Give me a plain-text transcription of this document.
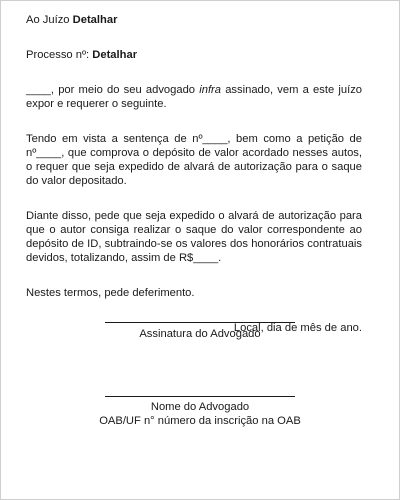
Ao Juízo Detalhar
Processo nº: Detalhar
____, por meio do seu advogado infra assinado, vem a este juízo expor e requerer o seguinte.
Tendo em vista a sentença de nº____, bem como a petição de nº____, que comprova o depósito de valor acordado nesses autos, o requer que seja expedido de alvará de autorização para o saque do valor depositado.
Diante disso, pede que seja expedido o alvará de autorização para que o autor consiga realizar o saque do valor correspondente ao depósito de ID, subtraindo-se os valores dos honorários contratuais devidos, totalizando, assim de R$____.
Nestes termos, pede deferimento.
Local, dia de mês de ano.
Assinatura do Advogado
Nome do Advogado
OAB/UF n° número da inscrição na OAB
